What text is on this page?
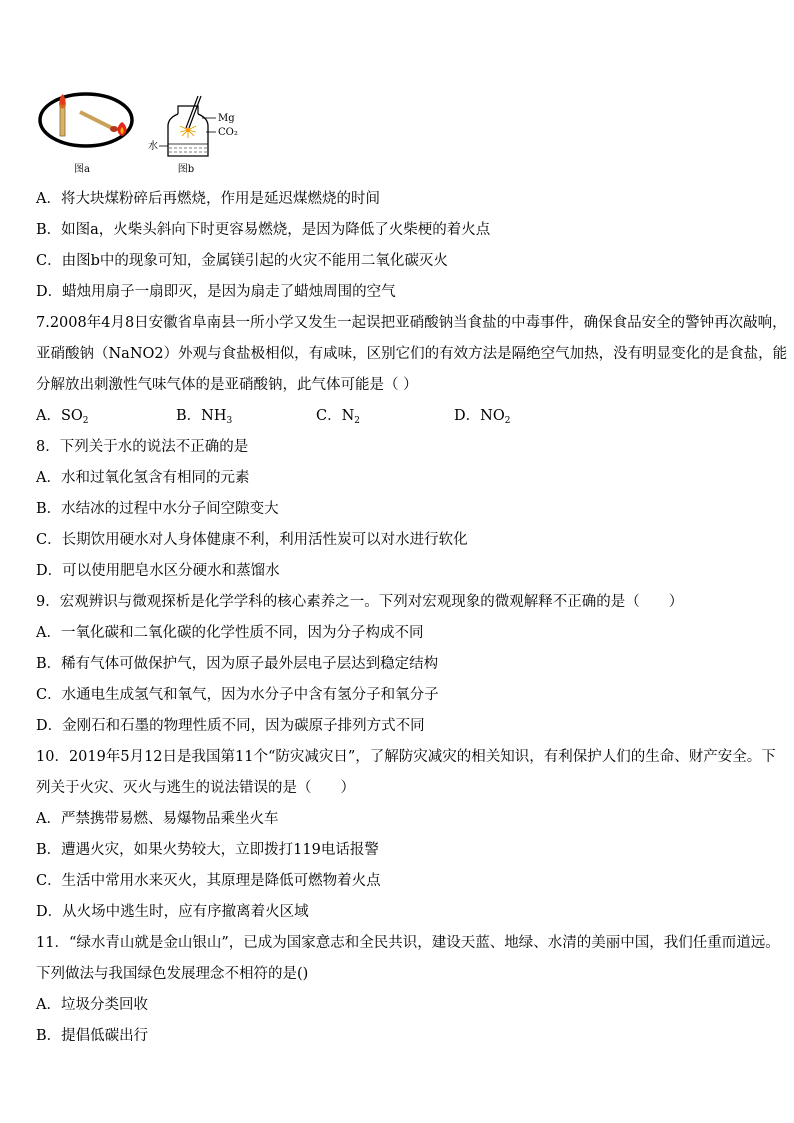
图a
水
Mg
CO₂
图b
A．将大块煤粉碎后再燃烧，作用是延迟煤燃烧的时间
B．如图a，火柴头斜向下时更容易燃烧，是因为降低了火柴梗的着火点
C．由图b中的现象可知，金属镁引起的火灾不能用二氧化碳灭火
D．蜡烛用扇子一扇即灭，是因为扇走了蜡烛周围的空气
7.2008年4月8日安徽省阜南县一所小学又发生一起误把亚硝酸钠当食盐的中毒事件，确保食品安全的警钟再次敲响，
亚硝酸钠（NaNO2）外观与食盐极相似，有咸味，区别它们的有效方法是隔绝空气加热，没有明显变化的是食盐，能
分解放出刺激性气味气体的是亚硝酸钠，此气体可能是（ ）
A．$SO_2$	B．$NH_3$	C．$N_2$	D．$NO_2$
8．下列关于水的说法不正确的是
A．水和过氧化氢含有相同的元素
B．水结冰的过程中水分子间空隙变大
C．长期饮用硬水对人身体健康不利，利用活性炭可以对水进行软化
D．可以使用肥皂水区分硬水和蒸馏水
9．宏观辨识与微观探析是化学学科的核心素养之一。下列对宏观现象的微观解释不正确的是（　　）
A．一氧化碳和二氧化碳的化学性质不同，因为分子构成不同
B．稀有气体可做保护气，因为原子最外层电子层达到稳定结构
C．水通电生成氢气和氧气，因为水分子中含有氢分子和氧分子
D．金刚石和石墨的物理性质不同，因为碳原子排列方式不同
10．2019年5月12日是我国第11个“防灾减灾日”，了解防灾减灾的相关知识，有利保护人们的生命、财产安全。下
列关于火灾、灭火与逃生的说法错误的是（　　）
A．严禁携带易燃、易爆物品乘坐火车
B．遭遇火灾，如果火势较大，立即拨打119电话报警
C．生活中常用水来灭火，其原理是降低可燃物着火点
D．从火场中逃生时，应有序撤离着火区域
11．“绿水青山就是金山银山”，已成为国家意志和全民共识，建设天蓝、地绿、水清的美丽中国，我们任重而道远。
下列做法与我国绿色发展理念不相符的是()
A．垃圾分类回收
B．提倡低碳出行
